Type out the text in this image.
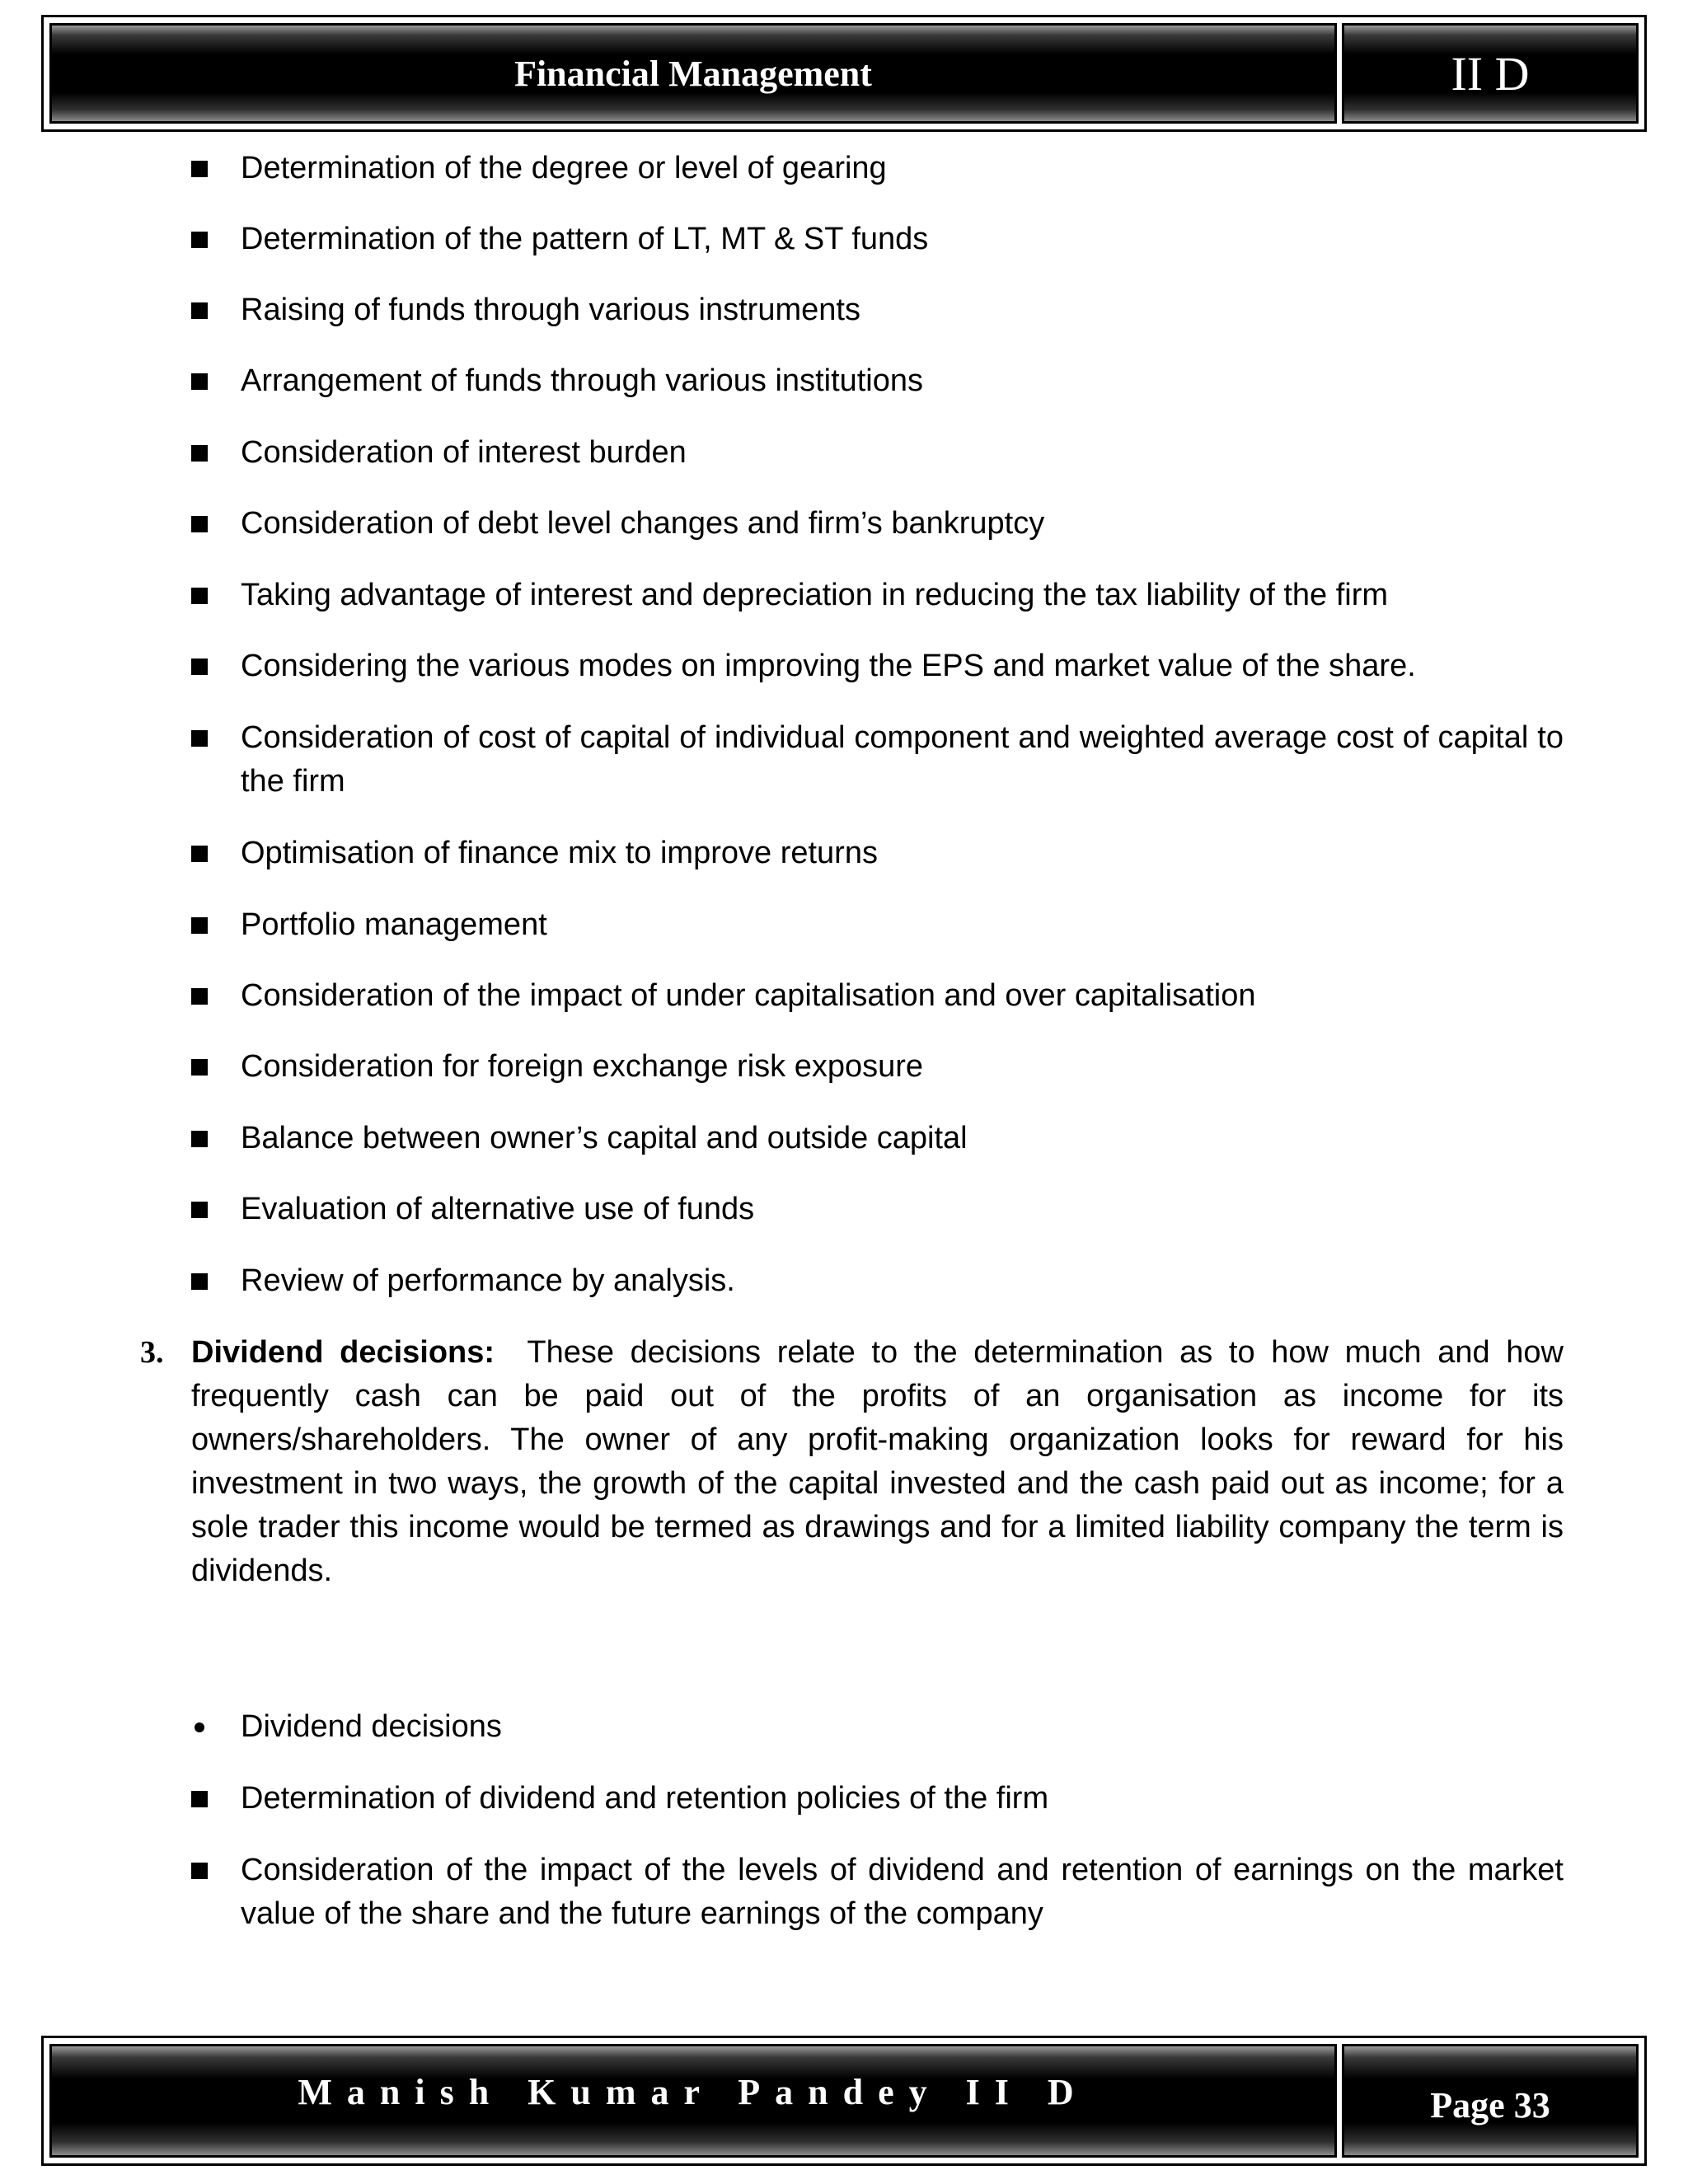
Financial Management	II D
Determination of the degree or level of gearing
Determination of the pattern of LT, MT & ST funds
Raising of funds through various instruments
Arrangement of funds through various institutions
Consideration of interest burden
Consideration of debt level changes and firm’s bankruptcy
Taking advantage of interest and depreciation in reducing the tax liability of the firm
Considering the various modes on improving the EPS and market value of the share.
Consideration of cost of capital of individual component and weighted average cost of capital to the firm
Optimisation of finance mix to improve returns
Portfolio management
Consideration of the impact of under capitalisation and over capitalisation
Consideration for foreign exchange risk exposure
Balance between owner’s capital and outside capital
Evaluation of alternative use of funds
Review of performance by analysis.
3. Dividend decisions: These decisions relate to the determination as to how much and how frequently cash can be paid out of the profits of an organisation as income for its owners/shareholders. The owner of any profit-making organization looks for reward for his investment in two ways, the growth of the capital invested and the cash paid out as income; for a sole trader this income would be termed as drawings and for a limited liability company the term is dividends.
Dividend decisions
Determination of dividend and retention policies of the firm
Consideration of the impact of the levels of dividend and retention of earnings on the market value of the share and the future earnings of the company
Manish Kumar Pandey II D	Page 33
